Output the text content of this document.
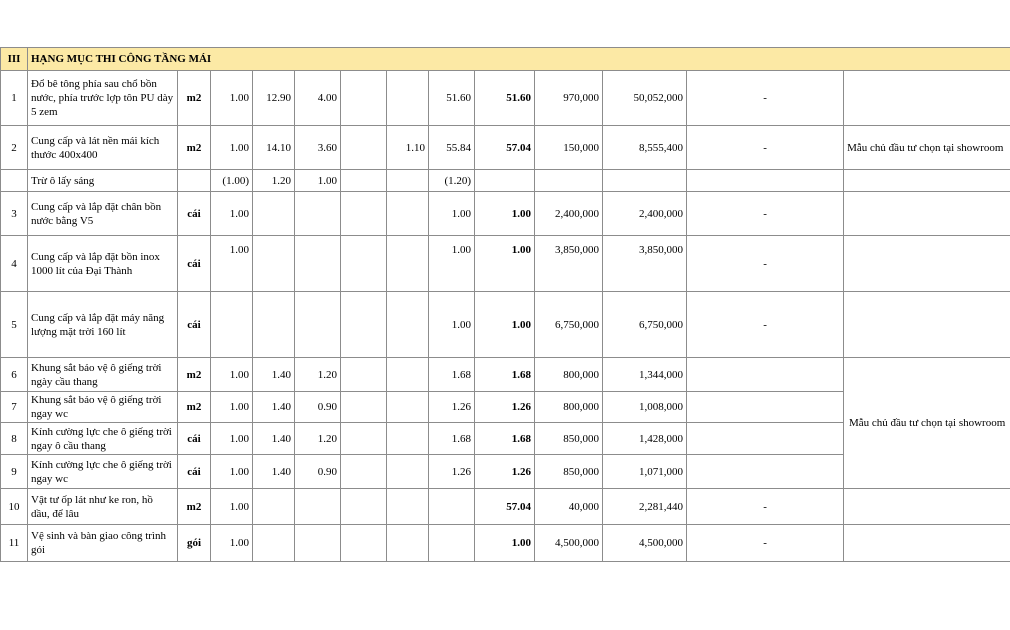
III	HẠNG MỤC THI CÔNG TẦNG MÁI												
1	Đổ bê tông phía sau chổ bồn nước, phía trước lợp tôn PU dày 5 zem	m2	1.00	12.90	4.00			51.60	51.60	970,000	50,052,000	-	
2	Cung cấp và lát nền mái kích thước 400x400	m2	1.00	14.10	3.60		1.10	55.84	57.04	150,000	8,555,400	-	Mẫu chủ đầu tư chọn tại showroom
	Trừ ô lấy sáng		(1.00)	1.20	1.00			(1.20)					
3	Cung cấp và lắp đặt chân bồn nước bằng V5	cái	1.00					1.00	1.00	2,400,000	2,400,000	-	
4	Cung cấp và lắp đặt bồn inox 1000 lít của Đại Thành	cái	1.00					1.00	1.00	3,850,000	3,850,000	-	
5	Cung cấp và lắp đặt máy năng lượng mặt trời 160 lít	cái						1.00	1.00	6,750,000	6,750,000	-	
6	Khung sắt bảo vệ ô giếng trời ngày cầu thang	m2	1.00	1.40	1.20			1.68	1.68	800,000	1,344,000		Mẫu chủ đầu tư chọn tại showroom
7	Khung sắt bảo vệ ô giếng trời ngay wc	m2	1.00	1.40	0.90			1.26	1.26	800,000	1,008,000		
8	Kính cường lực che ô giếng trời ngay ô cầu thang	cái	1.00	1.40	1.20			1.68	1.68	850,000	1,428,000		
9	Kính cường lực che ô giếng trời ngay wc	cái	1.00	1.40	0.90			1.26	1.26	850,000	1,071,000		
10	Vật tư ốp lát như ke ron, hồ dầu, để lâu	m2	1.00						57.04	40,000	2,281,440	-	
11	Vệ sinh và bàn giao công trình gói	gói	1.00						1.00	4,500,000	4,500,000	-	
